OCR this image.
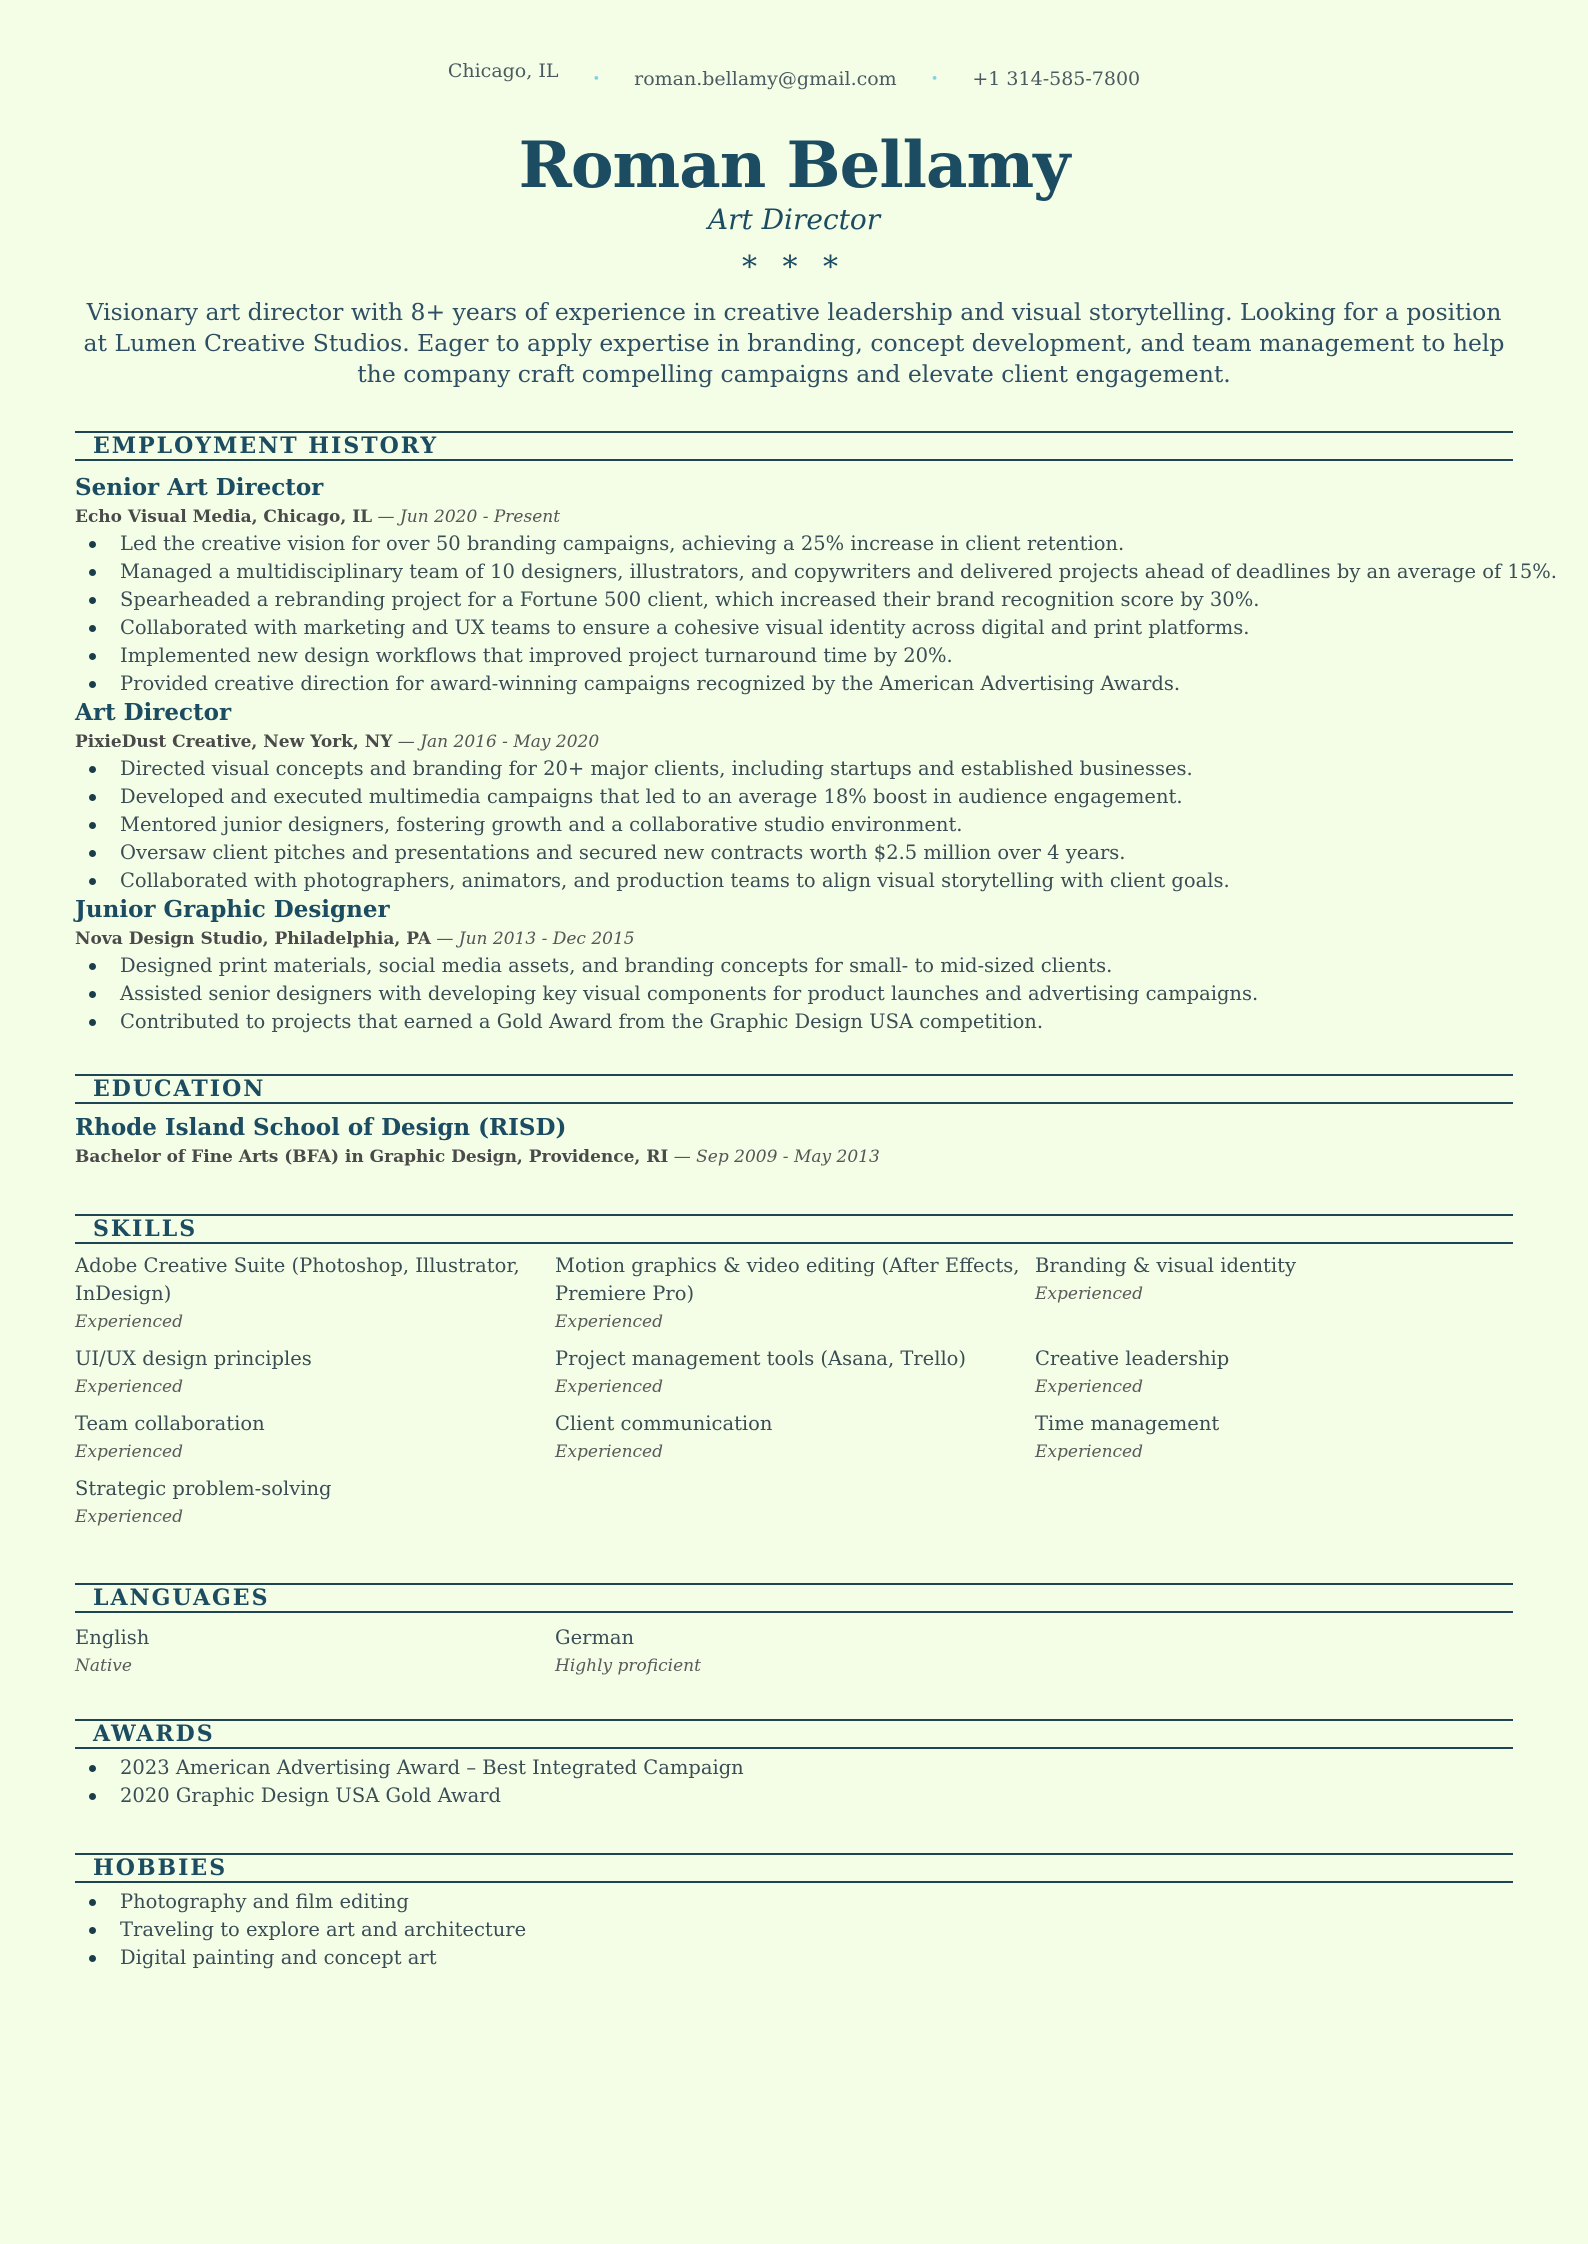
Chicago, IL	• roman.bellamy@gmail.com	• +1 314-585-7800
Roman Bellamy
Art Director
* * *
Visionary art director with 8+ years of experience in creative leadership and visual storytelling. Looking for a position at Lumen Creative Studios. Eager to apply expertise in branding, concept development, and team management to help the company craft compelling campaigns and elevate client engagement.
EMPLOYMENT HISTORY
Senior Art Director
Echo Visual Media, Chicago, IL — Jun 2020 - Present
Led the creative vision for over 50 branding campaigns, achieving a 25% increase in client retention.
Managed a multidisciplinary team of 10 designers, illustrators, and copywriters and delivered projects ahead of deadlines by an average of 15%.
Spearheaded a rebranding project for a Fortune 500 client, which increased their brand recognition score by 30%.
Collaborated with marketing and UX teams to ensure a cohesive visual identity across digital and print platforms.
Implemented new design workflows that improved project turnaround time by 20%.
Provided creative direction for award-winning campaigns recognized by the American Advertising Awards.
Art Director
PixieDust Creative, New York, NY — Jan 2016 - May 2020
Directed visual concepts and branding for 20+ major clients, including startups and established businesses.
Developed and executed multimedia campaigns that led to an average 18% boost in audience engagement.
Mentored junior designers, fostering growth and a collaborative studio environment.
Oversaw client pitches and presentations and secured new contracts worth $2.5 million over 4 years.
Collaborated with photographers, animators, and production teams to align visual storytelling with client goals.
Junior Graphic Designer
Nova Design Studio, Philadelphia, PA — Jun 2013 - Dec 2015
Designed print materials, social media assets, and branding concepts for small- to mid-sized clients.
Assisted senior designers with developing key visual components for product launches and advertising campaigns.
Contributed to projects that earned a Gold Award from the Graphic Design USA competition.
EDUCATION
Rhode Island School of Design (RISD)
Bachelor of Fine Arts (BFA) in Graphic Design, Providence, RI — Sep 2009 - May 2013
SKILLS
Adobe Creative Suite (Photoshop, Illustrator, InDesign)
Experienced
Motion graphics & video editing (After Effects, Premiere Pro)
Experienced
Branding & visual identity
Experienced
UI/UX design principles
Experienced
Project management tools (Asana, Trello)
Experienced
Creative leadership
Experienced
Team collaboration
Experienced
Client communication
Experienced
Time management
Experienced
Strategic problem-solving
Experienced
LANGUAGES
English
Native
German
Highly proficient
AWARDS
2023 American Advertising Award – Best Integrated Campaign
2020 Graphic Design USA Gold Award
HOBBIES
Photography and film editing
Traveling to explore art and architecture
Digital painting and concept art
